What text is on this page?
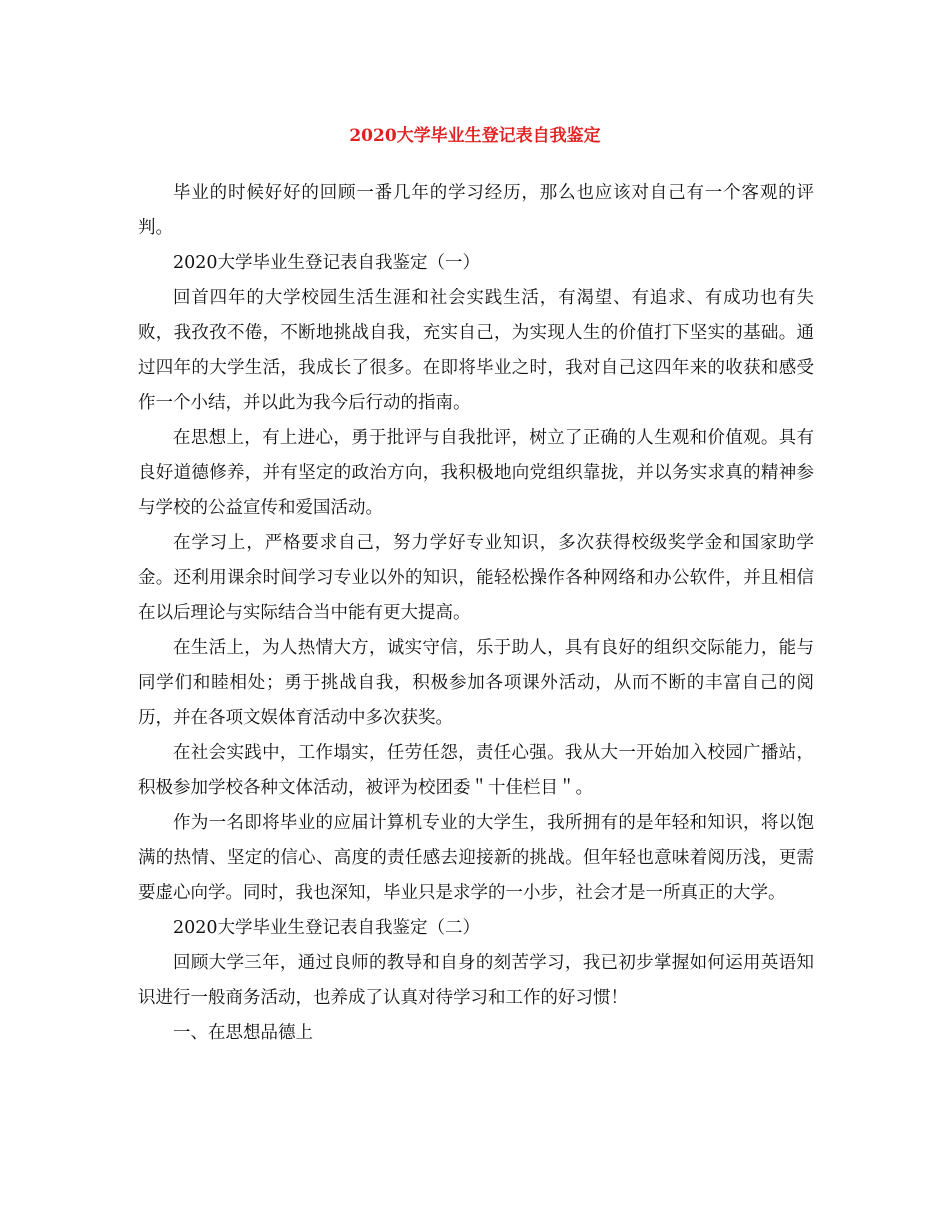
2020大学毕业生登记表自我鉴定

毕业的时候好好的回顾一番几年的学习经历，那么也应该对自己有一个客观的评判。

2020大学毕业生登记表自我鉴定（一）

回首四年的大学校园生活生涯和社会实践生活，有渴望、有追求、有成功也有失败，我孜孜不倦，不断地挑战自我，充实自己，为实现人生的价值打下坚实的基础。通过四年的大学生活，我成长了很多。在即将毕业之时，我对自己这四年来的收获和感受作一个小结，并以此为我今后行动的指南。

在思想上，有上进心，勇于批评与自我批评，树立了正确的人生观和价值观。具有良好道德修养，并有坚定的政治方向，我积极地向党组织靠拢，并以务实求真的精神参与学校的公益宣传和爱国活动。

在学习上，严格要求自己，努力学好专业知识，多次获得校级奖学金和国家助学金。还利用课余时间学习专业以外的知识，能轻松操作各种网络和办公软件，并且相信在以后理论与实际结合当中能有更大提高。

在生活上，为人热情大方，诚实守信，乐于助人，具有良好的组织交际能力，能与同学们和睦相处；勇于挑战自我，积极参加各项课外活动，从而不断的丰富自己的阅历，并在各项文娱体育活动中多次获奖。

在社会实践中，工作塌实，任劳任怨，责任心强。我从大一开始加入校园广播站，积极参加学校各种文体活动，被评为校团委＂十佳栏目＂。

作为一名即将毕业的应届计算机专业的大学生，我所拥有的是年轻和知识，将以饱满的热情、坚定的信心、高度的责任感去迎接新的挑战。但年轻也意味着阅历浅，更需要虚心向学。同时，我也深知，毕业只是求学的一小步，社会才是一所真正的大学。

2020大学毕业生登记表自我鉴定（二）

回顾大学三年，通过良师的教导和自身的刻苦学习，我已初步掌握如何运用英语知识进行一般商务活动，也养成了认真对待学习和工作的好习惯！

一、在思想品德上
